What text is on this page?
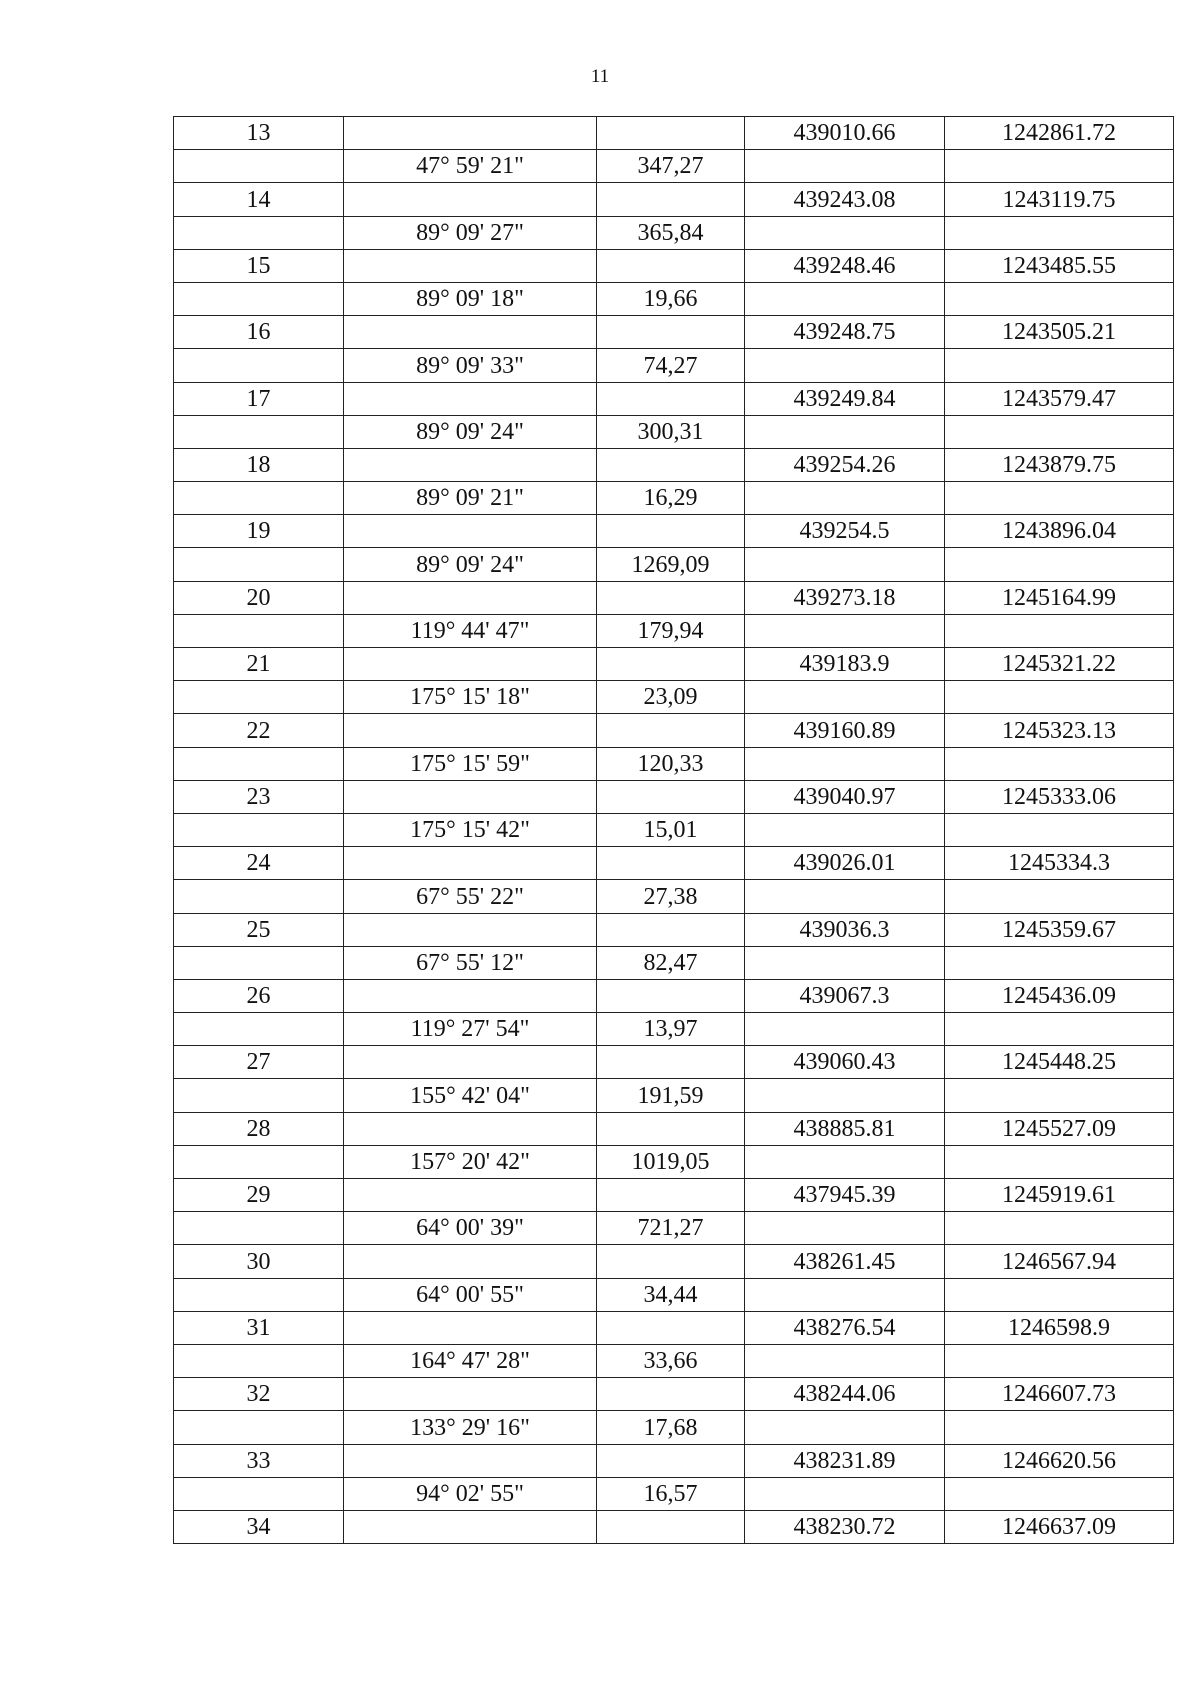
11
13			439010.66	1242861.72
	47° 59' 21"	347,27		
14			439243.08	1243119.75
	89° 09' 27"	365,84		
15			439248.46	1243485.55
	89° 09' 18"	19,66		
16			439248.75	1243505.21
	89° 09' 33"	74,27		
17			439249.84	1243579.47
	89° 09' 24"	300,31		
18			439254.26	1243879.75
	89° 09' 21"	16,29		
19			439254.5	1243896.04
	89° 09' 24"	1269,09		
20			439273.18	1245164.99
	119° 44' 47"	179,94		
21			439183.9	1245321.22
	175° 15' 18"	23,09		
22			439160.89	1245323.13
	175° 15' 59"	120,33		
23			439040.97	1245333.06
	175° 15' 42"	15,01		
24			439026.01	1245334.3
	67° 55' 22"	27,38		
25			439036.3	1245359.67
	67° 55' 12"	82,47		
26			439067.3	1245436.09
	119° 27' 54"	13,97		
27			439060.43	1245448.25
	155° 42' 04"	191,59		
28			438885.81	1245527.09
	157° 20' 42"	1019,05		
29			437945.39	1245919.61
	64° 00' 39"	721,27		
30			438261.45	1246567.94
	64° 00' 55"	34,44		
31			438276.54	1246598.9
	164° 47' 28"	33,66		
32			438244.06	1246607.73
	133° 29' 16"	17,68		
33			438231.89	1246620.56
	94° 02' 55"	16,57		
34			438230.72	1246637.09
